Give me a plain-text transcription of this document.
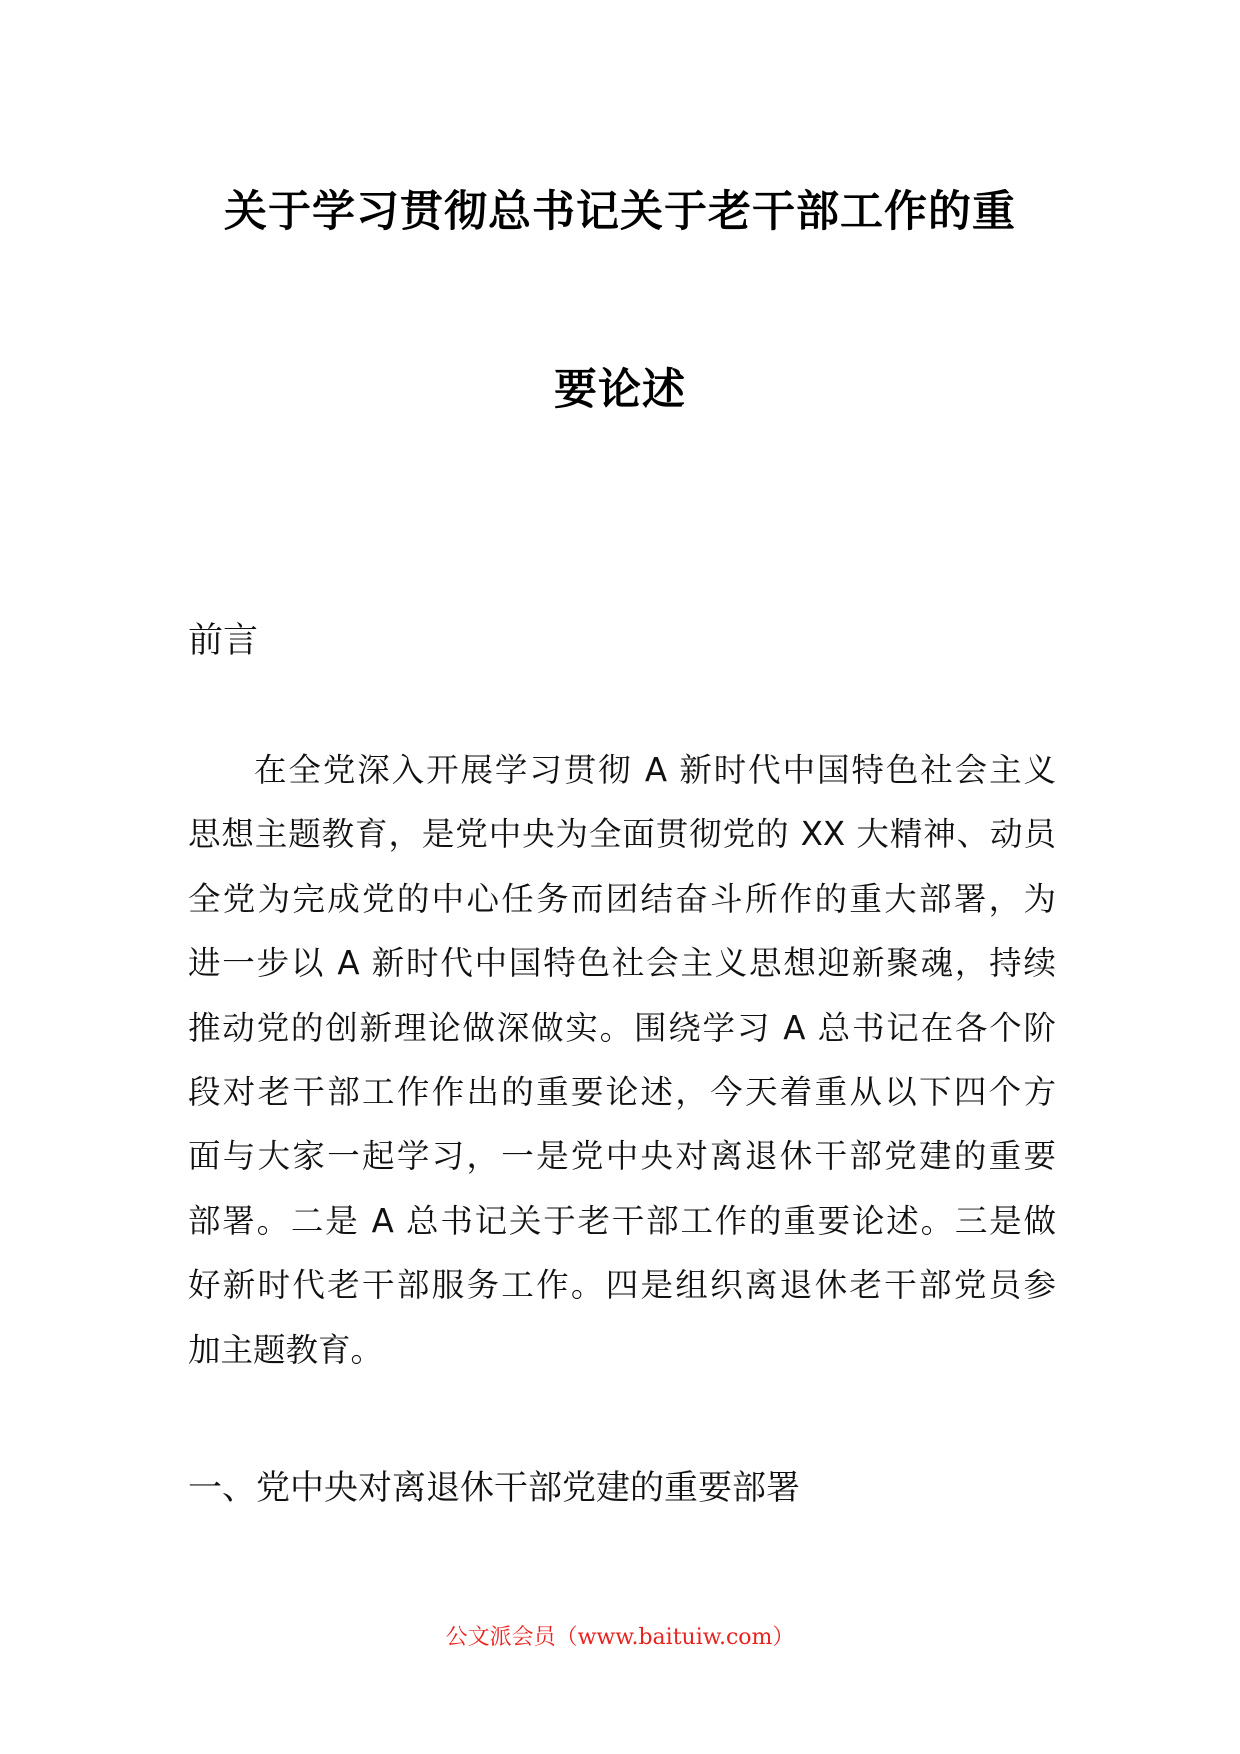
关于学习贯彻总书记关于老干部工作的重
要论述
前言
在全党深入开展学习贯彻 A 新时代中国特色社会主义
思想主题教育，是党中央为全面贯彻党的 XX 大精神、动员
全党为完成党的中心任务而团结奋斗所作的重大部署，为
进一步以 A 新时代中国特色社会主义思想迎新聚魂，持续
推动党的创新理论做深做实。围绕学习 A 总书记在各个阶
段对老干部工作作出的重要论述，今天着重从以下四个方
面与大家一起学习，一是党中央对离退休干部党建的重要
部署。二是 A 总书记关于老干部工作的重要论述。三是做
好新时代老干部服务工作。四是组织离退休老干部党员参
加主题教育。
一、党中央对离退休干部党建的重要部署
公文派会员（www.baituiw.com）
